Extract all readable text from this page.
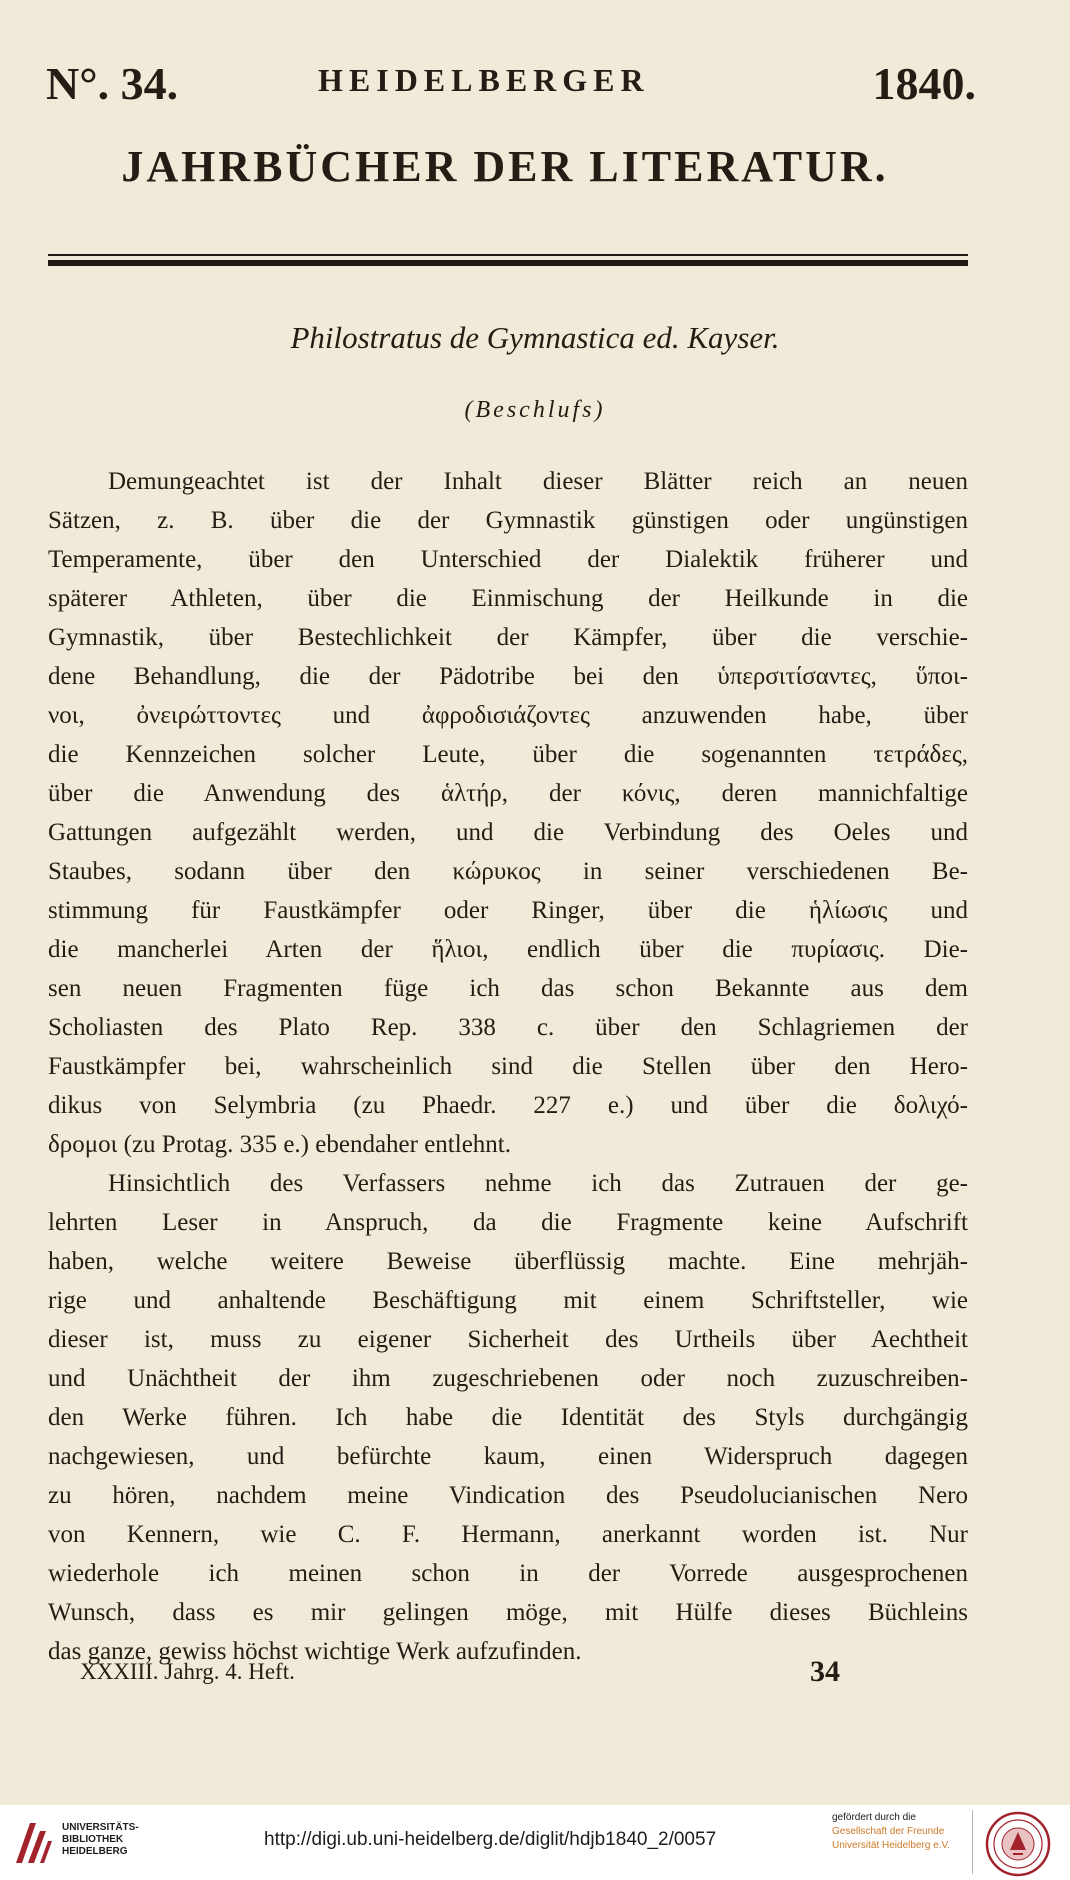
N°. 34.	HEIDELBERGER	1840.
JAHRBÜCHER DER LITERATUR.
Philostratus de Gymnastica ed. Kayser.
(Beschlufs)
Demungeachtet ist der Inhalt dieser Blätter reich an neuen
Sätzen, z. B. über die der Gymnastik günstigen oder ungünstigen
Temperamente, über den Unterschied der Dialektik früherer und
späterer Athleten, über die Einmischung der Heilkunde in die
Gymnastik, über Bestechlichkeit der Kämpfer, über die verschie-
dene Behandlung, die der Pädotribe bei den ὑπερσιτίσαντες, ὕποι-
νοι, ὀνειρώττοντες und ἀφροδισιάζοντες anzuwenden habe, über
die Kennzeichen solcher Leute, über die sogenannten τετράδες,
über die Anwendung des ἁλτήρ, der κόνις, deren mannichfaltige
Gattungen aufgezählt werden, und die Verbindung des Oeles und
Staubes, sodann über den κώρυκος in seiner verschiedenen Be-
stimmung für Faustkämpfer oder Ringer, über die ἡλίωσις und
die mancherlei Arten der ἥλιοι, endlich über die πυρίασις. Die-
sen neuen Fragmenten füge ich das schon Bekannte aus dem
Scholiasten des Plato Rep. 338 c. über den Schlagriemen der
Faustkämpfer bei, wahrscheinlich sind die Stellen über den Hero-
dikus von Selymbria (zu Phaedr. 227 e.) und über die δολιχό-
δρομοι (zu Protag. 335 e.) ebendaher entlehnt.
Hinsichtlich des Verfassers nehme ich das Zutrauen der ge-
lehrten Leser in Anspruch, da die Fragmente keine Aufschrift
haben, welche weitere Beweise überflüssig machte. Eine mehrjäh-
rige und anhaltende Beschäftigung mit einem Schriftsteller, wie
dieser ist, muss zu eigener Sicherheit des Urtheils über Aechtheit
und Unächtheit der ihm zugeschriebenen oder noch zuzuschreiben-
den Werke führen. Ich habe die Identität des Styls durchgängig
nachgewiesen, und befürchte kaum, einen Widerspruch dagegen
zu hören, nachdem meine Vindication des Pseudolucianischen Nero
von Kennern, wie C. F. Hermann, anerkannt worden ist. Nur
wiederhole ich meinen schon in der Vorrede ausgesprochenen
Wunsch, dass es mir gelingen möge, mit Hülfe dieses Büchleins
das ganze, gewiss höchst wichtige Werk aufzufinden.
XXXIII. Jahrg. 4. Heft.	34
UNIVERSITÄTS-
BIBLIOTHEK
HEIDELBERG
http://digi.ub.uni-heidelberg.de/diglit/hdjb1840_2/0057
gefördert durch die
Gesellschaft der Freunde
Universität Heidelberg e.V.
